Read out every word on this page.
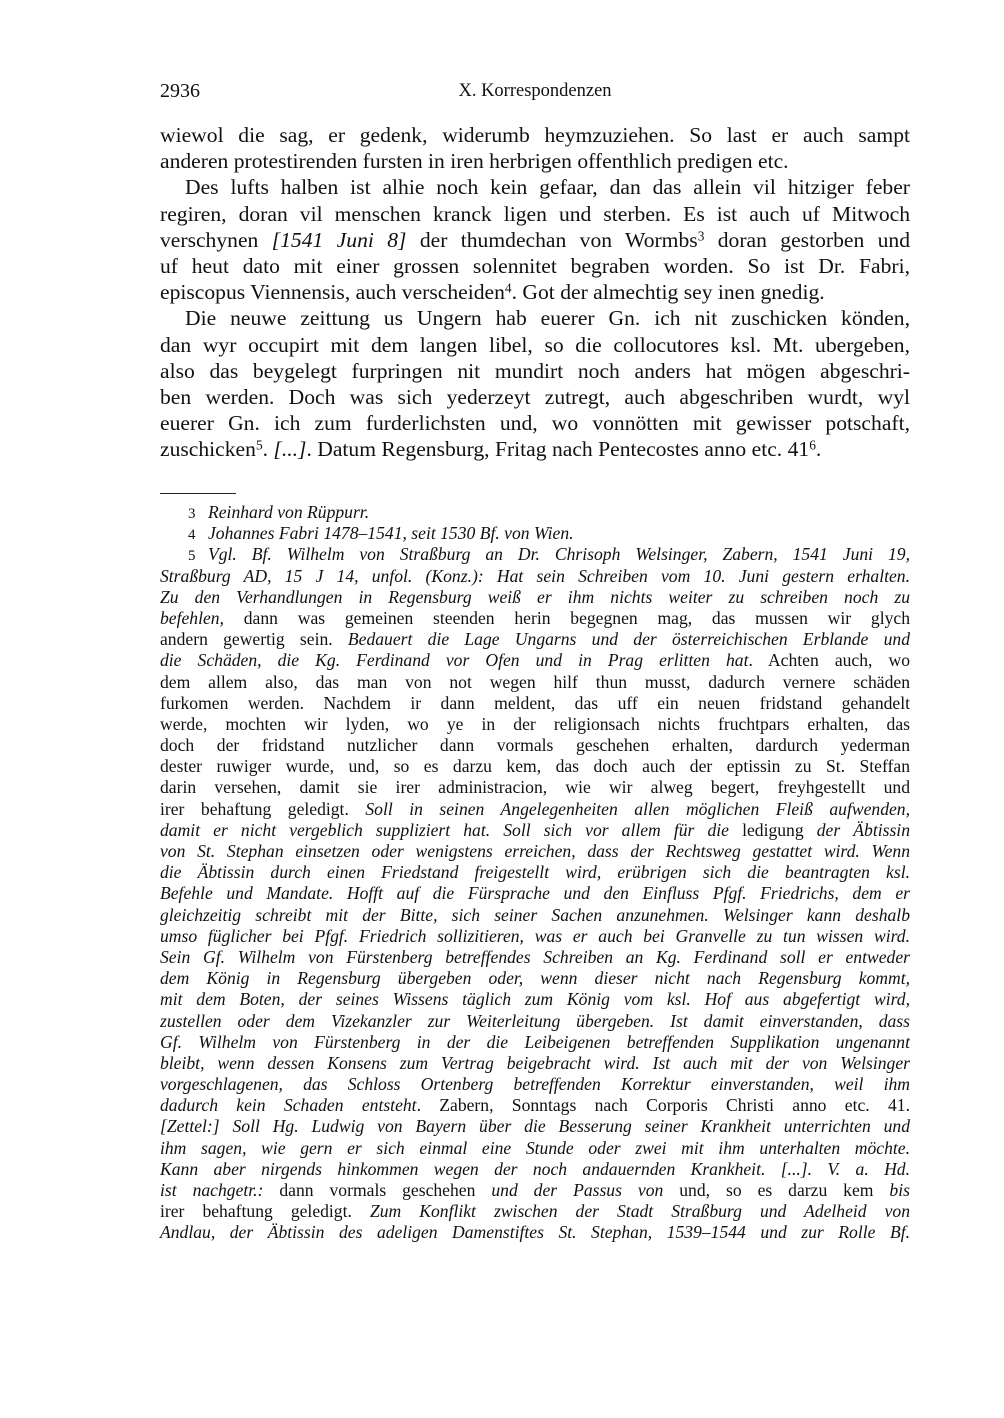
2936	X. Korrespondenzen
wiewol die sag, er gedenk, widerumb heymzuziehen. So last er auch sampt
anderen protestirenden fursten in iren herbrigen offenthlich predigen etc.
Des lufts halben ist alhie noch kein gefaar, dan das allein vil hitziger feber
regiren, doran vil menschen kranck ligen und sterben. Es ist auch uf Mitwoch
verschynen [1541 Juni 8] der thumdechan von Wormbs$^3$ doran gestorben und
uf heut dato mit einer grossen solennitet begraben worden. So ist Dr. Fabri,
episcopus Viennensis, auch verscheiden$^4$. Got der almechtig sey inen gnedig.
Die neuwe zeittung us Ungern hab euerer Gn. ich nit zuschicken könden,
dan wyr occupirt mit dem langen libel, so die collocutores ksl. Mt. ubergeben,
also das beygelegt furpringen nit mundirt noch anders hat mögen abgeschri-
ben werden. Doch was sich yederzeyt zutregt, auch abgeschriben wurdt, wyl
euerer Gn. ich zum furderlichsten und, wo vonnötten mit gewisser potschaft,
zuschicken$^5$. [...]. Datum Regensburg, Fritag nach Pentecostes anno etc. $41^6$.
3 Reinhard von Rüppurr.
4 Johannes Fabri 1478–1541, seit 1530 Bf. von Wien.
5 Vgl. Bf. Wilhelm von Straßburg an Dr. Chrisoph Welsinger, Zabern, 1541 Juni 19,
Straßburg AD, 15 J 14, unfol. (Konz.): Hat sein Schreiben vom 10. Juni gestern erhalten.
Zu den Verhandlungen in Regensburg weiß er ihm nichts weiter zu schreiben noch zu
befehlen, dann was gemeinen steenden herin begegnen mag, das mussen wir glych
andern gewertig sein. Bedauert die Lage Ungarns und der österreichischen Erblande und
die Schäden, die Kg. Ferdinand vor Ofen und in Prag erlitten hat. Achten auch, wo
dem allem also, das man von not wegen hilf thun musst, dadurch vernere schäden
furkomen werden. Nachdem ir dann meldent, das uff ein neuen fridstand gehandelt
werde, mochten wir lyden, wo ye in der religionsach nichts fruchtpars erhalten, das
doch der fridstand nutzlicher dann vormals geschehen erhalten, dardurch yederman
dester ruwiger wurde, und, so es darzu kem, das doch auch der eptissin zu St. Steffan
darin versehen, damit sie irer administracion, wie wir alweg begert, freyhgestellt und
irer behaftung geledigt. Soll in seinen Angelegenheiten allen möglichen Fleiß aufwenden,
damit er nicht vergeblich suppliziert hat. Soll sich vor allem für die ledigung der Äbtissin
von St. Stephan einsetzen oder wenigstens erreichen, dass der Rechtsweg gestattet wird. Wenn
die Äbtissin durch einen Friedstand freigestellt wird, erübrigen sich die beantragten ksl.
Befehle und Mandate. Hofft auf die Fürsprache und den Einfluss Pfgf. Friedrichs, dem er
gleichzeitig schreibt mit der Bitte, sich seiner Sachen anzunehmen. Welsinger kann deshalb
umso füglicher bei Pfgf. Friedrich sollizitieren, was er auch bei Granvelle zu tun wissen wird.
Sein Gf. Wilhelm von Fürstenberg betreffendes Schreiben an Kg. Ferdinand soll er entweder
dem König in Regensburg übergeben oder, wenn dieser nicht nach Regensburg kommt,
mit dem Boten, der seines Wissens täglich zum König vom ksl. Hof aus abgefertigt wird,
zustellen oder dem Vizekanzler zur Weiterleitung übergeben. Ist damit einverstanden, dass
Gf. Wilhelm von Fürstenberg in der die Leibeigenen betreffenden Supplikation ungenannt
bleibt, wenn dessen Konsens zum Vertrag beigebracht wird. Ist auch mit der von Welsinger
vorgeschlagenen, das Schloss Ortenberg betreffenden Korrektur einverstanden, weil ihm
dadurch kein Schaden entsteht. Zabern, Sonntags nach Corporis Christi anno etc. 41.
[Zettel:] Soll Hg. Ludwig von Bayern über die Besserung seiner Krankheit unterrichten und
ihm sagen, wie gern er sich einmal eine Stunde oder zwei mit ihm unterhalten möchte.
Kann aber nirgends hinkommen wegen der noch andauernden Krankheit. [...]. V. a. Hd.
ist nachgetr.: dann vormals geschehen und der Passus von und, so es darzu kem bis
irer behaftung geledigt. Zum Konflikt zwischen der Stadt Straßburg und Adelheid von
Andlau, der Äbtissin des adeligen Damenstiftes St. Stephan, 1539–1544 und zur Rolle Bf.
